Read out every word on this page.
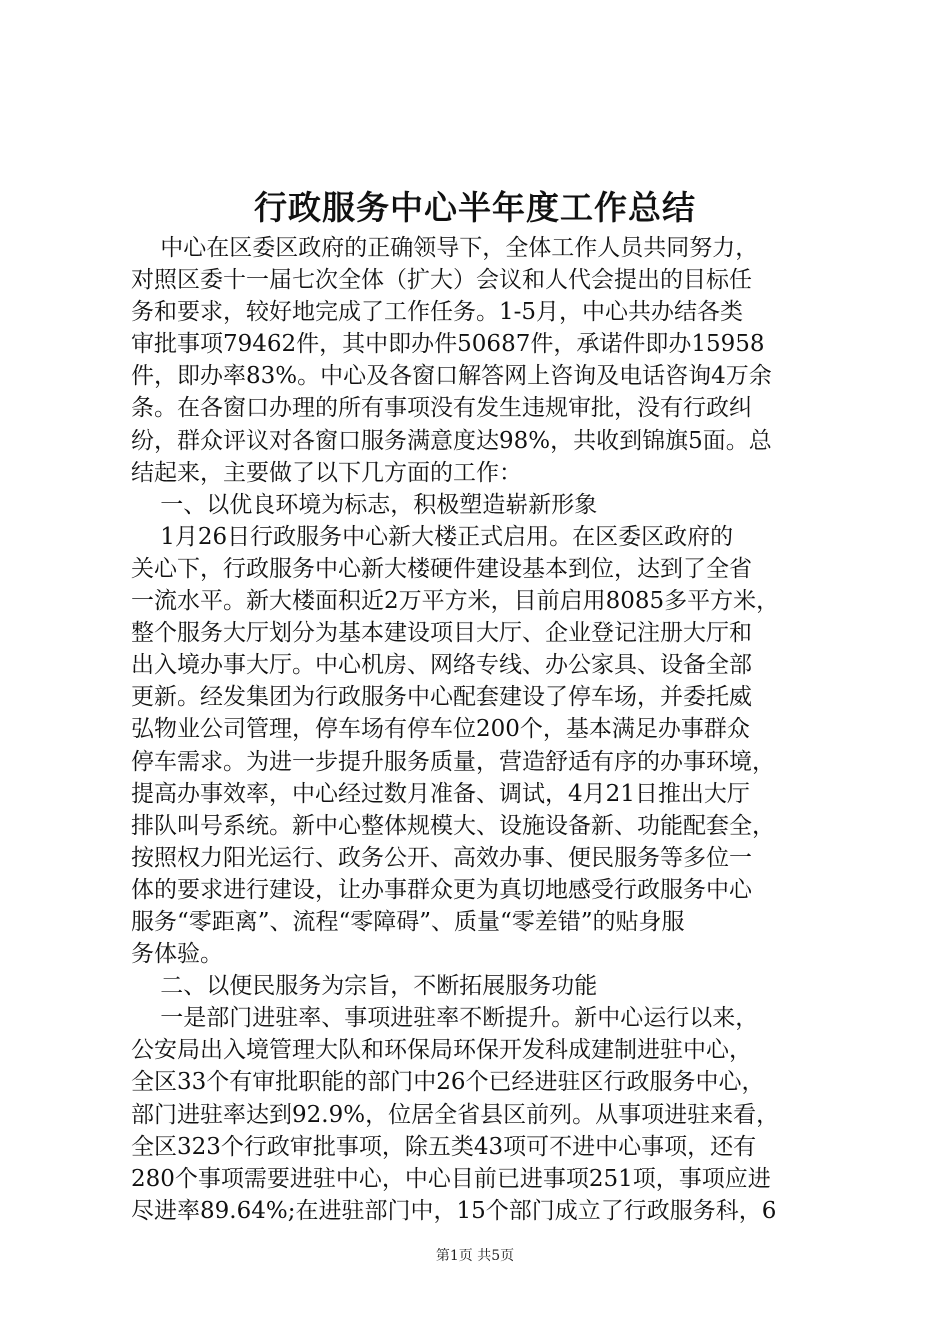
行政服务中心半年度工作总结
中心在区委区政府的正确领导下，全体工作人员共同努力，
对照区委十一届七次全体（扩大）会议和人代会提出的目标任
务和要求，较好地完成了工作任务。1-5月，中心共办结各类
审批事项79462件，其中即办件50687件，承诺件即办15958
件，即办率83%。中心及各窗口解答网上咨询及电话咨询4万余
条。在各窗口办理的所有事项没有发生违规审批，没有行政纠
纷，群众评议对各窗口服务满意度达98%，共收到锦旗5面。总
结起来，主要做了以下几方面的工作：
一、以优良环境为标志，积极塑造崭新形象
1月26日行政服务中心新大楼正式启用。在区委区政府的
关心下，行政服务中心新大楼硬件建设基本到位，达到了全省
一流水平。新大楼面积近2万平方米，目前启用8085多平方米，
整个服务大厅划分为基本建设项目大厅、企业登记注册大厅和
出入境办事大厅。中心机房、网络专线、办公家具、设备全部
更新。经发集团为行政服务中心配套建设了停车场，并委托威
弘物业公司管理，停车场有停车位200个，基本满足办事群众
停车需求。为进一步提升服务质量，营造舒适有序的办事环境，
提高办事效率，中心经过数月准备、调试，4月21日推出大厅
排队叫号系统。新中心整体规模大、设施设备新、功能配套全，
按照权力阳光运行、政务公开、高效办事、便民服务等多位一
体的要求进行建设，让办事群众更为真切地感受行政服务中心
服务“零距离”、流程“零障碍”、质量“零差错”的贴身服
务体验。
二、以便民服务为宗旨，不断拓展服务功能
一是部门进驻率、事项进驻率不断提升。新中心运行以来，
公安局出入境管理大队和环保局环保开发科成建制进驻中心，
全区33个有审批职能的部门中26个已经进驻区行政服务中心，
部门进驻率达到92.9%，位居全省县区前列。从事项进驻来看，
全区323个行政审批事项，除五类43项可不进中心事项，还有
280个事项需要进驻中心，中心目前已进事项251项，事项应进
尽进率89.64%;在进驻部门中，15个部门成立了行政服务科，6
第1页 共5页
